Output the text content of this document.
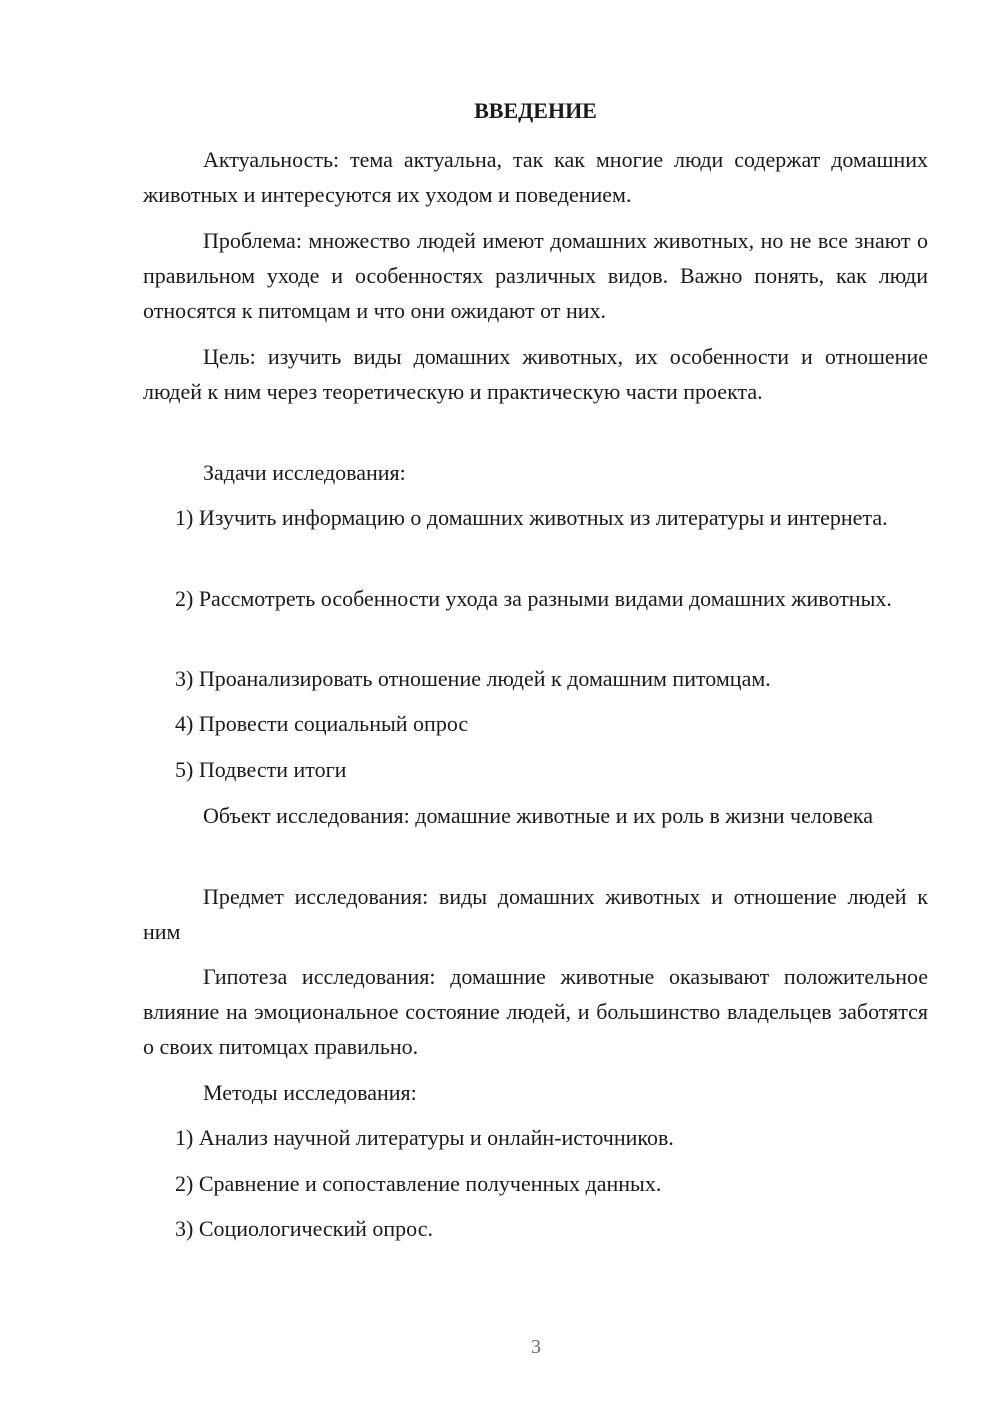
ВВЕДЕНИЕ

Актуальность: тема актуальна, так как многие люди содержат домашних животных и интересуются их уходом и поведением.

Проблема: множество людей имеют домашних животных, но не все знают о правильном уходе и особенностях различных видов. Важно понять, как люди относятся к питомцам и что они ожидают от них.

Цель: изучить виды домашних животных, их особенности и отношение людей к ним через теоретическую и практическую части проекта.

Задачи исследования:

1) Изучить информацию о домашних животных из литературы и интернета.

2) Рассмотреть особенности ухода за разными видами домашних животных.

3) Проанализировать отношение людей к домашним питомцам.

4) Провести социальный опрос

5) Подвести итоги

Объект исследования: домашние животные и их роль в жизни человека

Предмет исследования: виды домашних животных и отношение людей к ним

Гипотеза исследования: домашние животные оказывают положительное влияние на эмоциональное состояние людей, и большинство владельцев заботятся о своих питомцах правильно.

Методы исследования:

1) Анализ научной литературы и онлайн-источников.

2) Сравнение и сопоставление полученных данных.

3) Социологический опрос.

3
